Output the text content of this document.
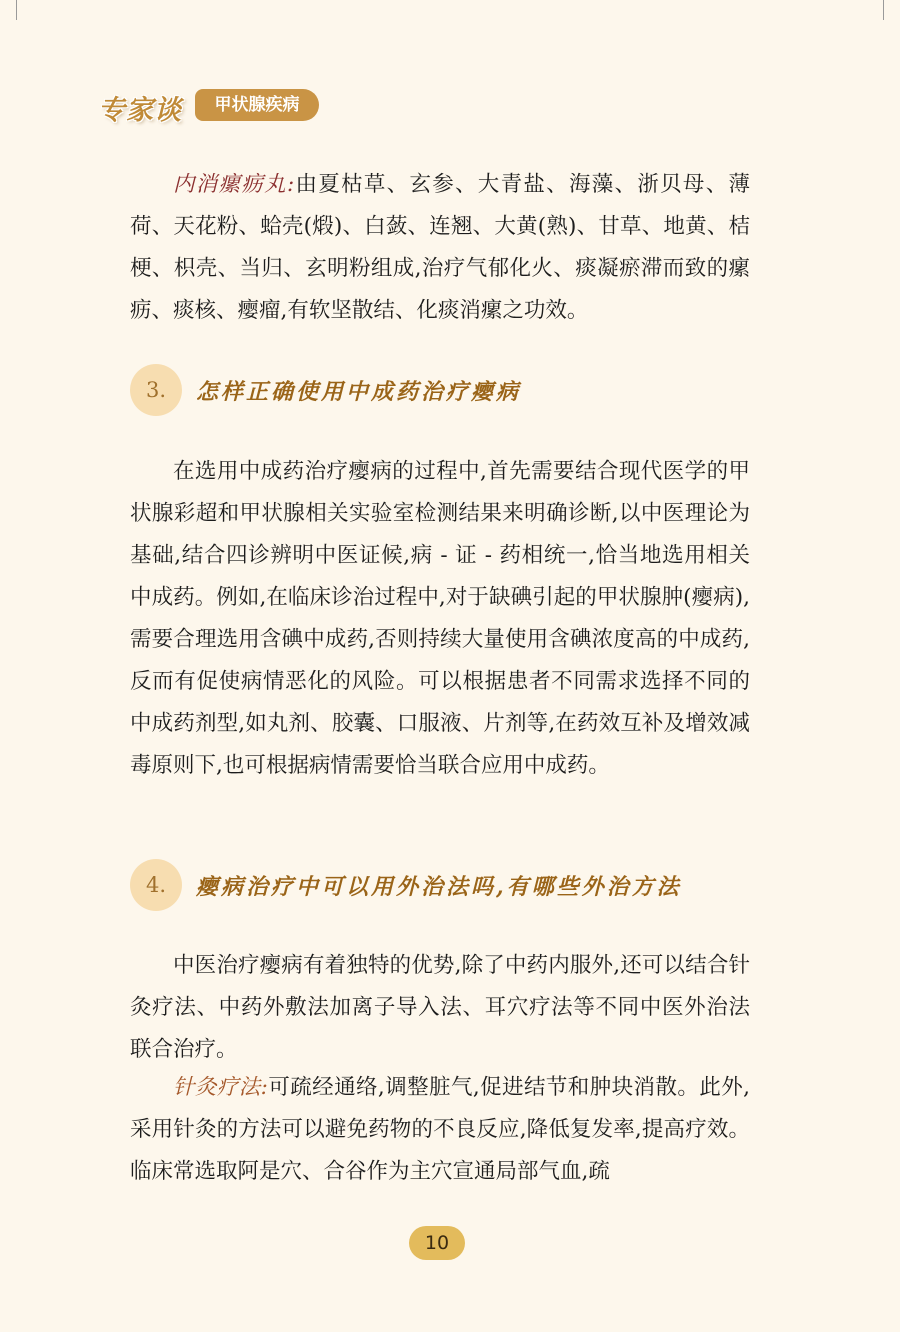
专家谈	甲状腺疾病

内消瘰疬丸:由夏枯草、玄参、大青盐、海藻、浙贝母、薄荷、天花粉、蛤壳(煅)、白蔹、连翘、大黄(熟)、甘草、地黄、桔梗、枳壳、当归、玄明粉组成,治疗气郁化火、痰凝瘀滞而致的瘰疬、痰核、瘿瘤,有软坚散结、化痰消瘰之功效。

3.	怎样正确使用中成药治疗瘿病

在选用中成药治疗瘿病的过程中,首先需要结合现代医学的甲状腺彩超和甲状腺相关实验室检测结果来明确诊断,以中医理论为基础,结合四诊辨明中医证候,病 - 证 - 药相统一,恰当地选用相关中成药。例如,在临床诊治过程中,对于缺碘引起的甲状腺肿(瘿病),需要合理选用含碘中成药,否则持续大量使用含碘浓度高的中成药,反而有促使病情恶化的风险。可以根据患者不同需求选择不同的中成药剂型,如丸剂、胶囊、口服液、片剂等,在药效互补及增效减毒原则下,也可根据病情需要恰当联合应用中成药。

4.	瘿病治疗中可以用外治法吗,有哪些外治方法

中医治疗瘿病有着独特的优势,除了中药内服外,还可以结合针灸疗法、中药外敷法加离子导入法、耳穴疗法等不同中医外治法联合治疗。

针灸疗法:可疏经通络,调整脏气,促进结节和肿块消散。此外,采用针灸的方法可以避免药物的不良反应,降低复发率,提高疗效。临床常选取阿是穴、合谷作为主穴宣通局部气血,疏

10
